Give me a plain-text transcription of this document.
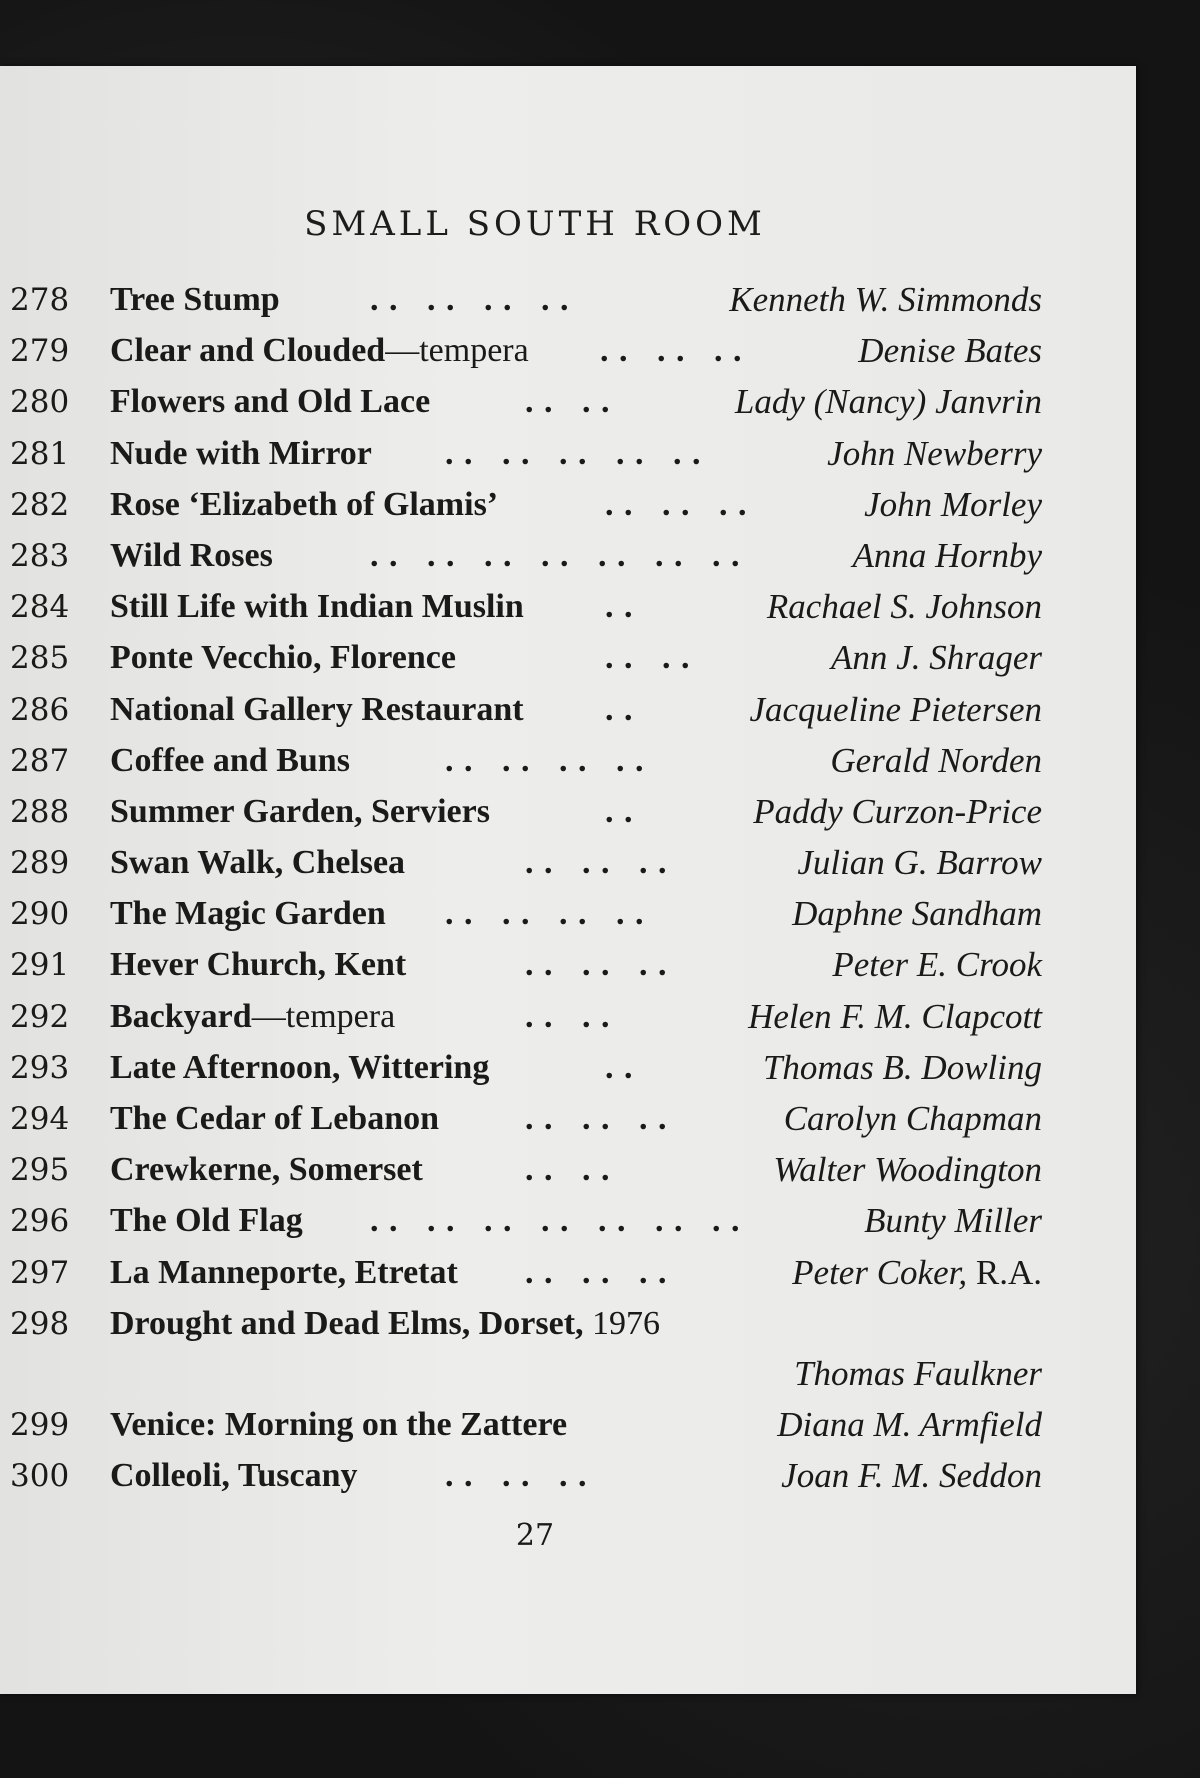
SMALL SOUTH ROOM
278 Tree Stump	. .   . .   . .   . .	Kenneth W. Simmonds
279 Clear and Clouded—tempera . .   . .   . .	Denise Bates
280 Flowers and Old Lace	. .   . .	Lady (Nancy) Janvrin
281 Nude with Mirror . .   . .   . .   . .   . .	John Newberry
282 Rose ‘Elizabeth of Glamis’	. .   . .   . .	John Morley
283 Wild Roses	. .   . .   . .   . .   . .   . .   . .	Anna Hornby
284 Still Life with Indian Muslin . .	Rachael S. Johnson
285 Ponte Vecchio, Florence	. .   . .	Ann J. Shrager
286 National Gallery Restaurant . .	Jacqueline Pietersen
287 Coffee and Buns	. .   . .   . .   . .	Gerald Norden
288 Summer Garden, Serviers	. .	Paddy Curzon-Price
289 Swan Walk, Chelsea	. .   . .   . .	Julian G. Barrow
290 The Magic Garden . .   . .   . .   . .	Daphne Sandham
291 Hever Church, Kent	. .   . .   . .	Peter E. Crook
292 Backyard—tempera	. .   . .	Helen F. M. Clapcott
293 Late Afternoon, Wittering	. .	Thomas B. Dowling
294 The Cedar of Lebanon	. .   . .   . .	Carolyn Chapman
295 Crewkerne, Somerset	. .   . .	Walter Woodington
296 The Old Flag . .   . .   . .   . .   . .   . .   . .	Bunty Miller
297 La Manneporte, Etretat . .   . .   . .	Peter Coker, R.A.
298 Drought and Dead Elms, Dorset, 1976
Thomas Faulkner
299 Venice: Morning on the Zattere	Diana M. Armfield
300 Colleoli, Tuscany	. .   . .   . .	Joan F. M. Seddon
27
